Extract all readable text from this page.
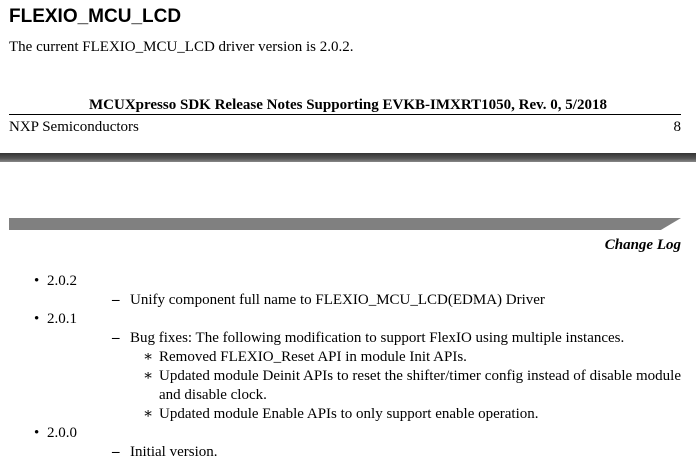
FLEXIO_MCU_LCD
The current FLEXIO_MCU_LCD driver version is 2.0.2.
MCUXpresso SDK Release Notes Supporting EVKB-IMXRT1050, Rev. 0, 5/2018
NXP Semiconductors	8
Change Log
• 2.0.2
– Unify component full name to FLEXIO_MCU_LCD(EDMA) Driver
• 2.0.1
– Bug fixes: The following modification to support FlexIO using multiple instances.
∗ Removed FLEXIO_Reset API in module Init APIs.
∗ Updated module Deinit APIs to reset the shifter/timer config instead of disable module and disable clock.
∗ Updated module Enable APIs to only support enable operation.
• 2.0.0
– Initial version.
